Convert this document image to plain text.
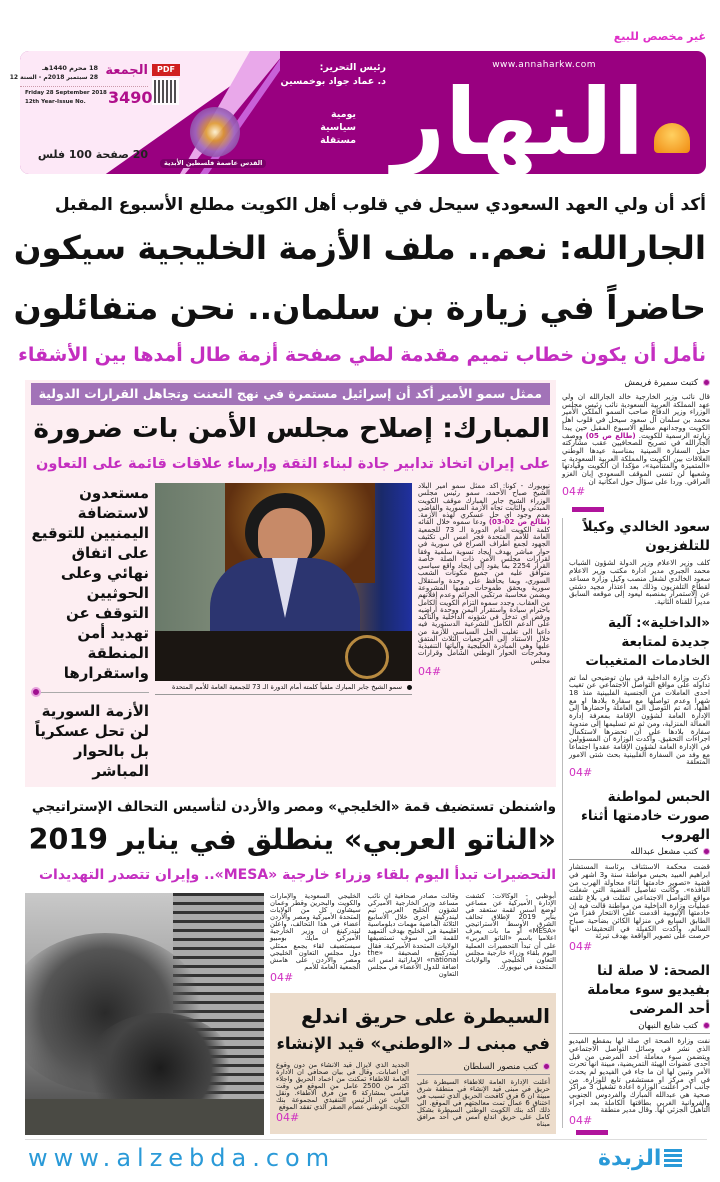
غير مخصص للبيع
النهار
www.annaharkw.com
رئيس التحرير:
د. عماد جواد بوخمسين
يومية
سياسية
مستقلة
الجمعة	PDF
18 محرم 1440هـ
28 سبتمبر 2018م - السنة 12
Friday 28 September 2018
12th Year-Issue No. 3490
20 صفحة 100 فلس
القدس عاصمة فلسطين الأبدية
أكد أن ولي العهد السعودي سيحل في قلوب أهل الكويت مطلع الأسبوع المقبل
الجارالله: نعم.. ملف الأزمة الخليجية سيكون
حاضراً في زيارة بن سلمان.. نحن متفائلون
نأمل أن يكون خطاب تميم مقدمة لطي صفحة أزمة طال أمدها بين الأشقاء
كتبت سميرة فريمش
قال نائب وزير الخارجية خالد الجارالله ان ولي عهد المملكة العربية السعودية نائب رئيس مجلس الوزراء وزير الدفاع صاحب السمو الملكي الأمير محمد بن سلمان آل سعود سيحل في قلوب اهل الكويت ووجدانهم مطلع الاسبوع المقبل حين يبدأ زيارته الرسمية للكويت. (طالع ص 05) ووصف الجارالله في تصريح للصحافيين عقب مشاركته حفل السفارة الصينية بمناسبة عيدها الوطني العلاقات بين الكويت والمملكة العربية السعودية بـ «المتميزة والمتنامية»، مؤكدا ان الكويت وقيادتها وشعبها لن تنسى الموقف السعودي إبان الغزو العراقي. وردا على سؤال حول امكانية ان
04#
سعود الخالدي وكيلاً للتلفزيون
كلف وزير الاعلام وزير الدولة لشؤون الشباب محمد الجبري مدير ادارة مكتب وزير الاعلام سعود الخالدي لشغل منصب وكيل وزارة مساعد لقطاع التلفزيون وذلك بعد اعتذار مجيد دشتي عن الاستمرار بمنصبه ليعود إلى موقعه السابق مديراً للقناة الثانية.
«الداخلية»: آلية جديدة لمتابعة الخادمات المتغيبات
ذكرت وزارة الداخلية في بيان توضيحي لما تم تداوله على مواقع التواصل الاجتماعي عن تغيب احدى العاملات من الجنسية الفلبينية منذ 18 شهرا وعدم تواصلها مع سفارة بلادها او مع اهلها، انه تم التوصل الى العاملة واحضارها إلى الإدارة العامة لشؤون الإقامة بمعرفة إدارة العمالة المنزلية، ومن ثم تم تسليمها إلى مندوبة سفارة بلادها على أن تحضرها لاستكمال اجراءات التحقيق. وأكدت الوزارة ان المسؤولين في الإدارة العامة لشؤون الإقامة عقدوا اجتماعا مع وفد من السفارة الفلبينية بحث شتى الامور المتعلقة
04#
الحبس لمواطنة صورت خادمتها أثناء الهروب
كتب مشعل عبدالله
قضت محكمة الاستئناف برئاسة المستشار ابراهيم العبيد بحبس مواطنة سنة و3 اشهر في قضية «تصوير خادمتها اثناء محاولة الهرب من النافذة». وكانت تفاصيل القضية التي شغلت مواقع التواصل الاجتماعي تمثلت في بلاغ تلقته عمليات وزارة الداخلية من مواطنة قالت فيه إن خادمتها الإثيوبية أقدمت على الانتحار قفزا من الطابق السابع في منزلها الكائن بضاحية صباح السالم، وأكدت الكفيلة في التحقيقات انها حرصت على تصوير الواقعة بهدف تبرئة
04#
الصحة: لا صلة لنا بفيديو سوء معاملة أحد المرضى
كتب شايع النبهان
نفت وزارة الصحة اي صلة لها بمقطع الفيديو الذي نشر في وسائل التواصل الاجتماعي ويتضمن سوء معاملة احد المرضى من قبل احدى عضوات الهيئة التمريضية، مبينة انها تحرت الأمر وتبين لها ان ما جاء في الفيديو لم يحدث في اي مركز او مستشفى تابع للوزارة. من جانب اخر أعلنت الوزارة اعادة تشغيل 3 مراكز صحية هي عبدالله المبارك والفردوس الجنوبي والفروانية الغربي بطاقتها الكاملة بعد اجراء التأهيل الجزئي لها. وقال مدير منطقة
04#
ممثل سمو الأمير أكد أن إسرائيل مستمرة في نهج التعنت وتجاهل القرارات الدولية
المبارك: إصلاح مجلس الأمن بات ضرورة
على إيران اتخاذ تدابير جادة لبناء الثقة وإرساء علاقات قائمة على التعاون
نيويورك - كونا: اكد ممثل سمو امير البلاد الشيخ صباح الأحمد، سمو رئيس مجلس الوزراء الشيخ جابر المبارك موقف الكويت المبدئي والثابت تجاه الأزمة السورية والقاضي بعدم وجود اي حل عسكري لهذه الأزمة. (طالع ص 02-03) ودعا سموه خلال القائه كلمة الكويت أمام الدورة الـ 73 للجمعية العامة للأمم المتحدة فجر امس الى تكثيف الجهود لجمع اطراف الصراع في سورية في حوار مباشر يهدف إيجاد تسوية سلمية وفقا لقرارات مجلس الأمن ذات الصلة خاصة القرار 2254 بما يقود إلى إيجاد واقع سياسي متوافق عليه من جميع مكونات الشعب السوري، وبما يحافظ على وحدة واستقلال سورية ويحقق طموحات شعبها المشروعة ويضمن محاسبة مرتكبي الجرائم وعدم إفلاتهم من العقاب. وجدد سموه التزام الكويت الكامل باحترام سيادة واستقرار اليمن ووحدة أراضيه ورفض اي تدخل في شؤونه الداخلية والتأكيد على الدعم الكامل للشرعية الدستورية فيه داعيا الى تغليب الحل السياسي للأزمة من خلال الاستناد إلى المرجعيات الثلاث المتفق عليها وهي المبادرة الخليجية وآلياتها التنفيذية ومخرجات الحوار الوطني الشامل وقرارات مجلس
04#
سمو الشيخ جابر المبارك ملقياً كلمته أمام الدورة الـ 73 للجمعية العامة للأمم المتحدة
مستعدون لاستضافة اليمنيين للتوقيع على اتفاق نهائي وعلى الحوثيين التوقف عن تهديد أمن المنطقة واستقرارها
الأزمة السورية لن تحل عسكرياً بل بالحوار المباشر
واشنطن تستضيف قمة «الخليجي» ومصر والأردن لتأسيس التحالف الإستراتيجي
«الناتو العربي» ينطلق في يناير 2019
التحضيرات تبدأ اليوم بلقاء وزراء خارجية «MESA».. وإيران تتصدر التهديدات
أبوظبي - الوكالات: كشفت الإدارة الأميركية عن مساعي لوضع أسس لقمة ستعقد في يناير 2019 لإطلاق تحالف الشرق الأوسط الاستراتيجي «MESA» أو ما بات يعرف اعلاميا باسم «الناتو العربي» على أن تبدأ التحضيرات العملية اليوم بلقاء وزراء خارجية مجلس التعاون الخليجي والولايات المتحدة في نيويورك.
وقالت مصادر صحافية ان نائب مساعد وزير الخارجية الأميركي لشؤون الخليج العربي تيم ليندركينغ اجرى خلال الأسابيع الثلاثة الماضية مهمات دبلوماسية اقليمية في الخليج بهدف التمهيد للقمة التي سوف تستضيفها الولايات المتحدة الأميركية. فقال ليندركينغ لصحيفة «the national» الإماراتية امس انه اضافة للدول الأعضاء في مجلس التعاون
الخليجي السعودية والإمارات والكويت والبحرين وقطر وعمان سيشاون كل من الولايات المتحدة الأميركية ومصر والأردن أعضاء في هذا التحالف، واعلن ليندركينغ ان وزير الخارجية الأميركي مايك بومبيو سيستضيف لقاء يجمع ممثلي دول مجلس التعاون الخليجي ومصر والأردن على هامش الجمعية العامة للأمم
04#
السيطرة على حريق اندلع
في مبنى لـ «الوطني» قيد الإنشاء
كتب منصور السلطان
أعلنت الإدارة العامة للاطفاء السيطرة على حريق في مبنى قيد الإنشاء في منطقة شرق مبينة ان 6 فرق كافحت الحريق الذي تسبب في اختناق 6 عمال تمت معالجتهم في الموقع. الى ذلك أكد بنك الكويت الوطني السيطرة بشكل كامل على حريق اندلع امس في أحد مرافق مبناه
الجديد الذي لايزال قيد الانشاء من دون وقوع اي اصابات. وقال في بيان صحافي ان الادارة العامة للاطفاء تمكنت من اخماد الحريق واجلاء اكثر من 2500 عامل من الموقع في وقت قياسي بمشاركة 6 من فرق الاطفاء. ونقل البيان عن الرئيس التنفيذي لمجموعة بنك الكويت الوطني عصام الصقر الذي تفقد الموقع
04#
www.alzebda.com	الزبدة
